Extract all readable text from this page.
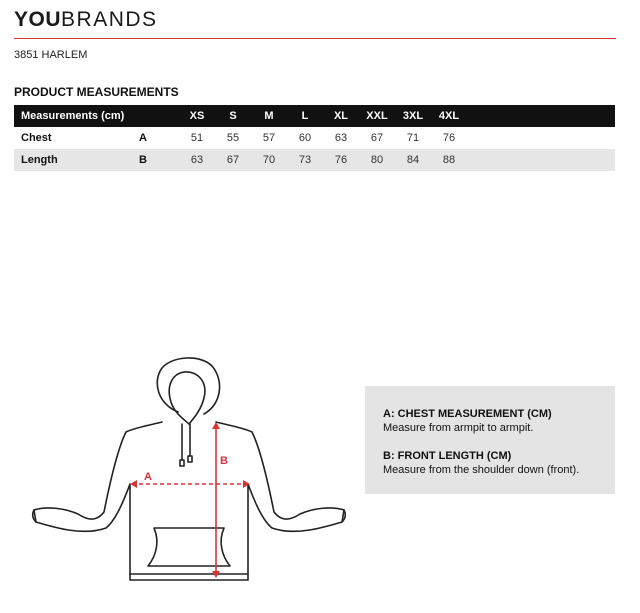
YOUBRANDS
3851 HARLEM
PRODUCT MEASUREMENTS
Measurements (cm)		XS	S	M	L	XL	XXL	3XL	4XL	
Chest	A	51	55	57	60	63	67	71	76	
Length	B	63	67	70	73	76	80	84	88	
A
B
A: CHEST MEASUREMENT (CM)
Measure from armpit to armpit.
B: FRONT LENGTH (CM)
Measure from the shoulder down (front).
